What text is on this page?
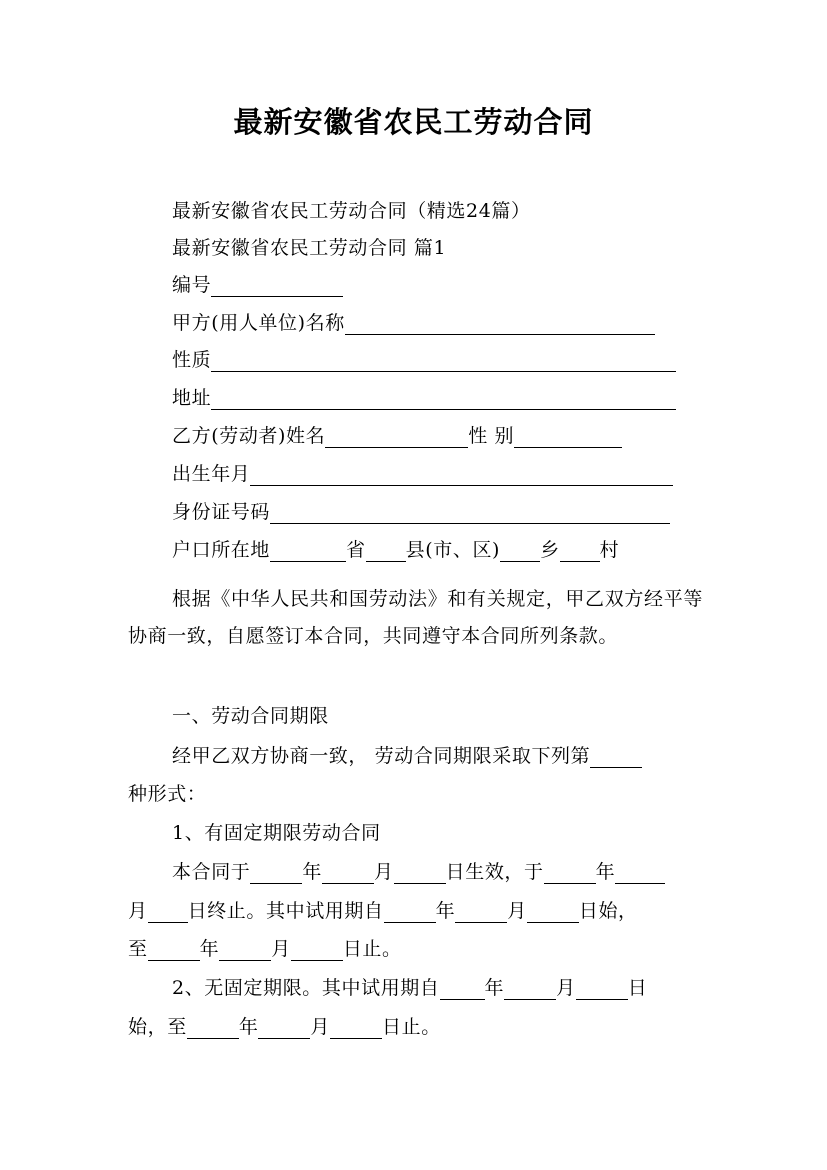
最新安徽省农民工劳动合同
最新安徽省农民工劳动合同（精选24篇）
最新安徽省农民工劳动合同 篇1
编号
甲方(用人单位)名称
性质
地址
乙方(劳动者)姓名	性 别
出生年月
身份证号码
户口所在地	省 县(市、区) 乡 村
根据《中华人民共和国劳动法》和有关规定，甲乙双方经平等协商一致，自愿签订本合同，共同遵守本合同所列条款。
一、劳动合同期限
经甲乙双方协商一致， 劳动合同期限采取下列第
种形式：
1、有固定期限劳动合同
本合同于	年	月	日生效，于	年
月 日终止。其中试用期自	年	月	日始，
至	年	月	日止。
2、无固定期限。其中试用期自 年	月	日
始，至	年	月	日止。
